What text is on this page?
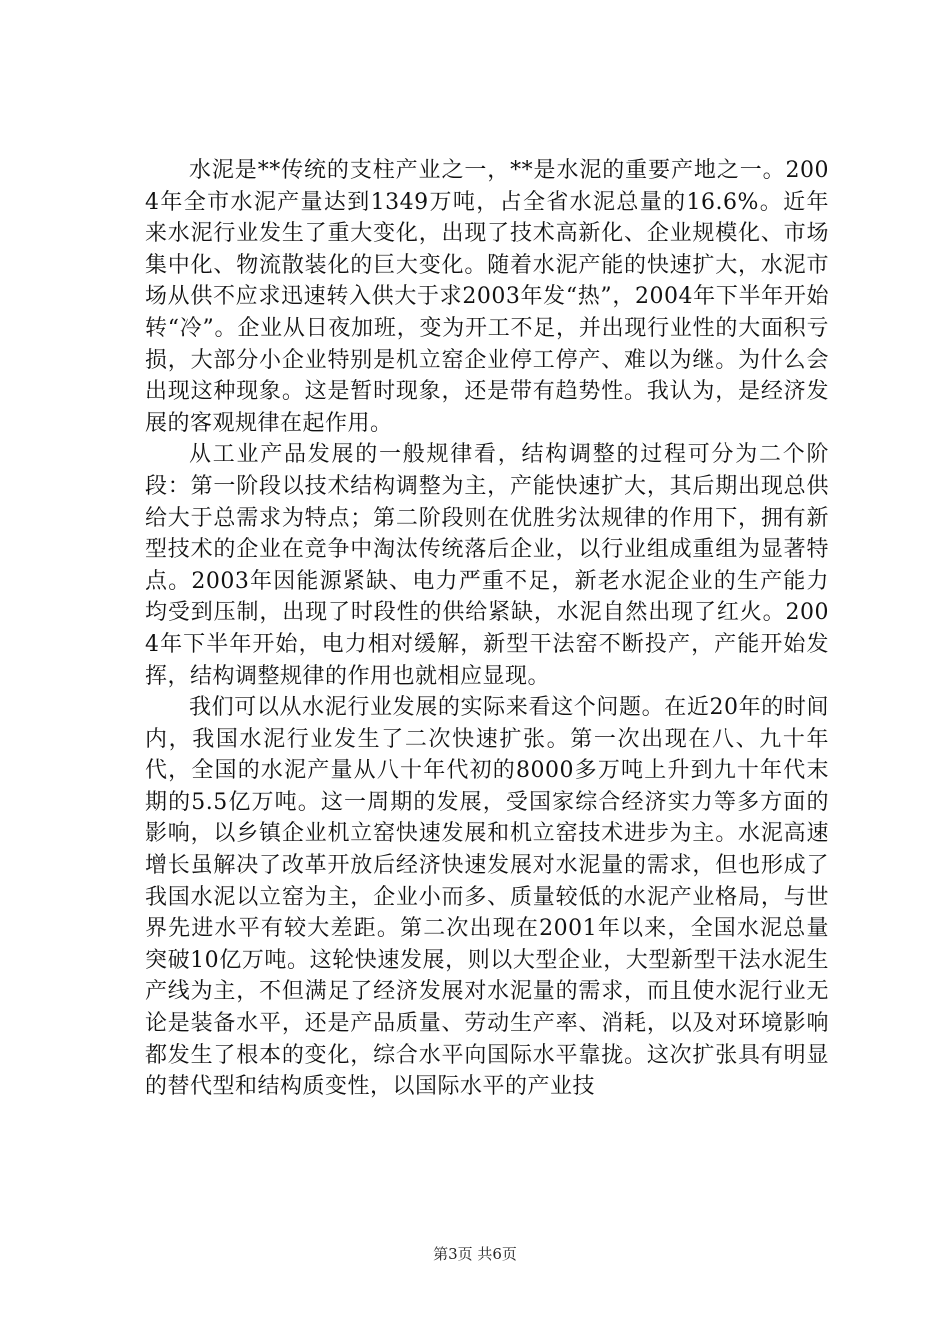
水泥是**传统的支柱产业之一，**是水泥的重要产地之一。2004年全市水泥产量达到1349万吨，占全省水泥总量的16.6%。近年来水泥行业发生了重大变化，出现了技术高新化、企业规模化、市场集中化、物流散装化的巨大变化。随着水泥产能的快速扩大，水泥市场从供不应求迅速转入供大于求2003年发“热”，2004年下半年开始转“冷”。企业从日夜加班，变为开工不足，并出现行业性的大面积亏损，大部分小企业特别是机立窑企业停工停产、难以为继。为什么会出现这种现象。这是暂时现象，还是带有趋势性。我认为，是经济发展的客观规律在起作用。

从工业产品发展的一般规律看，结构调整的过程可分为二个阶段：第一阶段以技术结构调整为主，产能快速扩大，其后期出现总供给大于总需求为特点；第二阶段则在优胜劣汰规律的作用下，拥有新型技术的企业在竞争中淘汰传统落后企业，以行业组成重组为显著特点。2003年因能源紧缺、电力严重不足，新老水泥企业的生产能力均受到压制，出现了时段性的供给紧缺，水泥自然出现了红火。2004年下半年开始，电力相对缓解，新型干法窑不断投产，产能开始发挥，结构调整规律的作用也就相应显现。

我们可以从水泥行业发展的实际来看这个问题。在近20年的时间内，我国水泥行业发生了二次快速扩张。第一次出现在八、九十年代，全国的水泥产量从八十年代初的8000多万吨上升到九十年代末期的5.5亿万吨。这一周期的发展，受国家综合经济实力等多方面的影响，以乡镇企业机立窑快速发展和机立窑技术进步为主。水泥高速增长虽解决了改革开放后经济快速发展对水泥量的需求，但也形成了我国水泥以立窑为主，企业小而多、质量较低的水泥产业格局，与世界先进水平有较大差距。第二次出现在2001年以来，全国水泥总量突破10亿万吨。这轮快速发展，则以大型企业，大型新型干法水泥生产线为主，不但满足了经济发展对水泥量的需求，而且使水泥行业无论是装备水平，还是产品质量、劳动生产率、消耗，以及对环境影响都发生了根本的变化，综合水平向国际水平靠拢。这次扩张具有明显的替代型和结构质变性，以国际水平的产业技

第3页 共6页
